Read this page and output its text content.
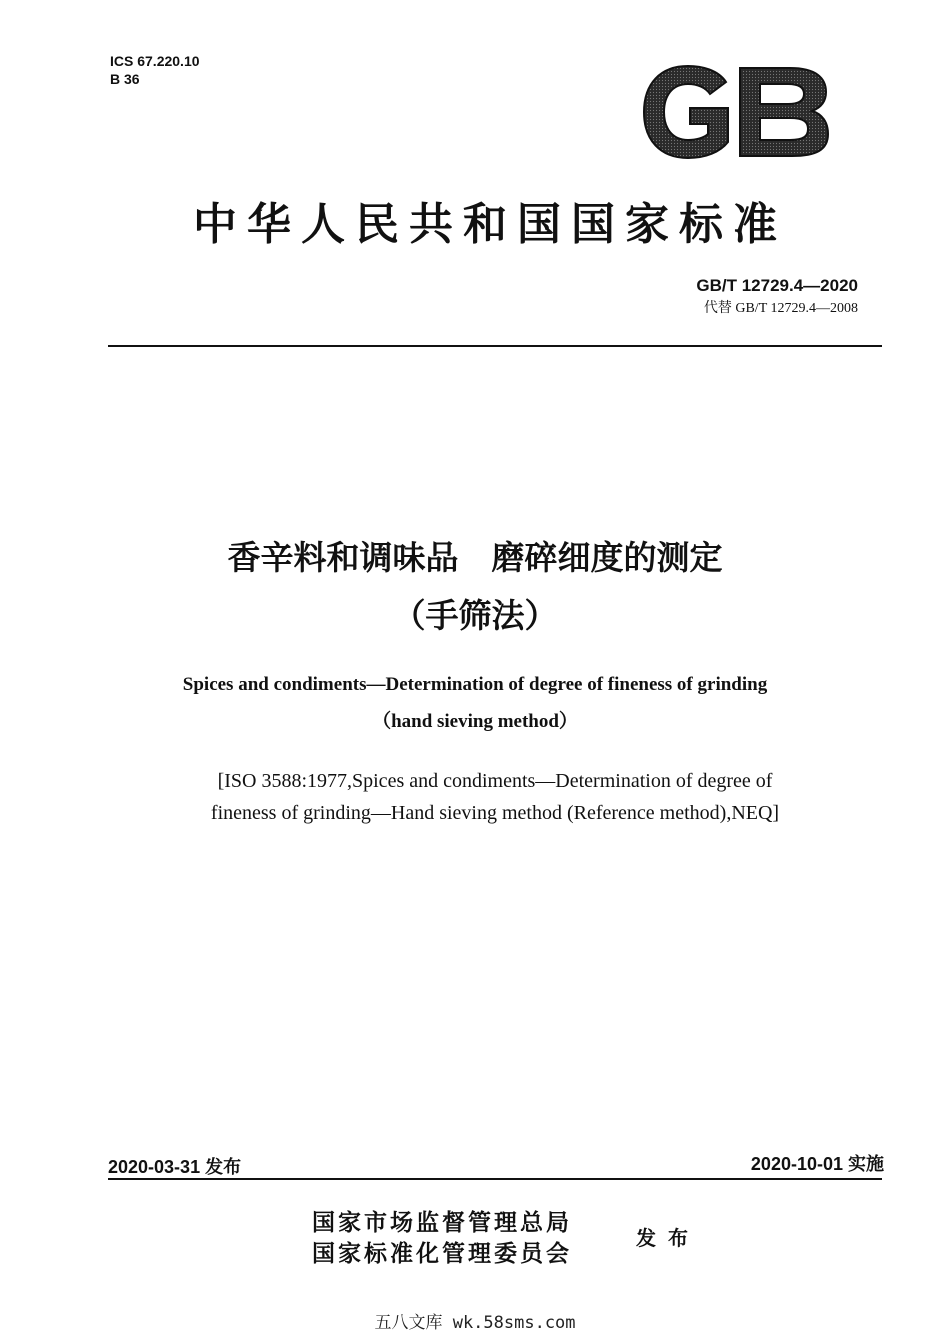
ICS 67.220.10
B 36
中华人民共和国国家标准
GB/T 12729.4—2020
代替 GB/T 12729.4—2008
香辛料和调味品　磨碎细度的测定
（手筛法）
Spices and condiments—Determination of degree of fineness of grinding
（hand sieving method）
[ISO 3588:1977,Spices and condiments—Determination of degree of
fineness of grinding—Hand sieving method (Reference method),NEQ]
2020-03-31 发布	2020-10-01 实施
国家市场监督管理总局
国家标准化管理委员会
发布
五八文库 wk.58sms.com
